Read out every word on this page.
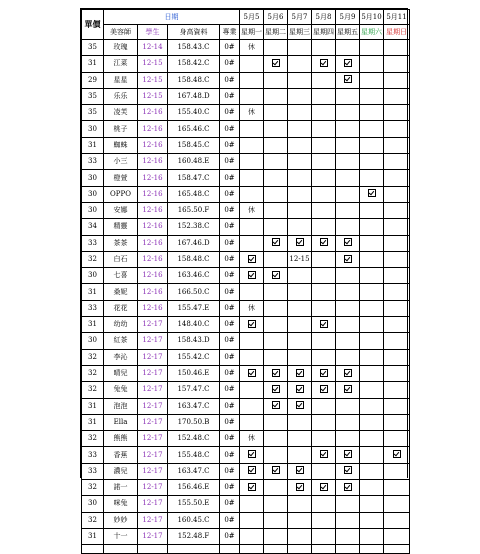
單價	日期				5月5	5月6	5月7	5月8	5月9	5月10	5月11
	美容師	學生	身高資料	專業	星期一	星期二	星期三	星期四	星期五	星期六	星期日
35	玫瑰	12-14	158.43.C	0#	休						
31	江菜	12-15	158.42.C	0#							
29	星星	12-15	158.48.C	0#							
35	乐乐	12-15	167.48.D	0#							
35	凌芙	12-16	155.40.C	0#	休						
30	桃子	12-16	165.46.C	0#							
31	蜘蛛	12-16	158.45.C	0#							
33	小三	12-16	160.48.E	0#							
30	橙萱	12-16	158.47.C	0#							
30	OPPO	12-16	165.48.C	0#							
30	安娜	12-16	165.50.F	0#	休						
34	精靈	12-16	152.38.C	0#							
33	茶茶	12-16	167.46.D	0#							
32	白石	12-16	158.48.C	0#			12-15				
30	七喜	12-16	163.46.C	0#							
31	桑妮	12-16	166.50.C	0#							
33	花花	12-16	155.47.E	0#	休						
31	幼幼	12-17	148.40.C	0#							
30	紅茶	12-17	158.43.D	0#							
32	李沁	12-17	155.42.C	0#							
32	晴兒	12-17	150.46.E	0#							
32	兔兔	12-17	157.47.C	0#							
31	泡泡	12-17	163.47.C	0#							
31	Ella	12-17	170.50.B	0#							
32	熊熊	12-17	152.48.C	0#	休						
33	香蕉	12-17	155.48.C	0#							
33	濃兒	12-17	163.47.C	0#							
32	諾一	12-17	156.46.E	0#							
30	咪兔	12-17	155.50.E	0#							
32	妙妙	12-17	160.45.C	0#							
31	十一	12-17	152.48.F	0#							
